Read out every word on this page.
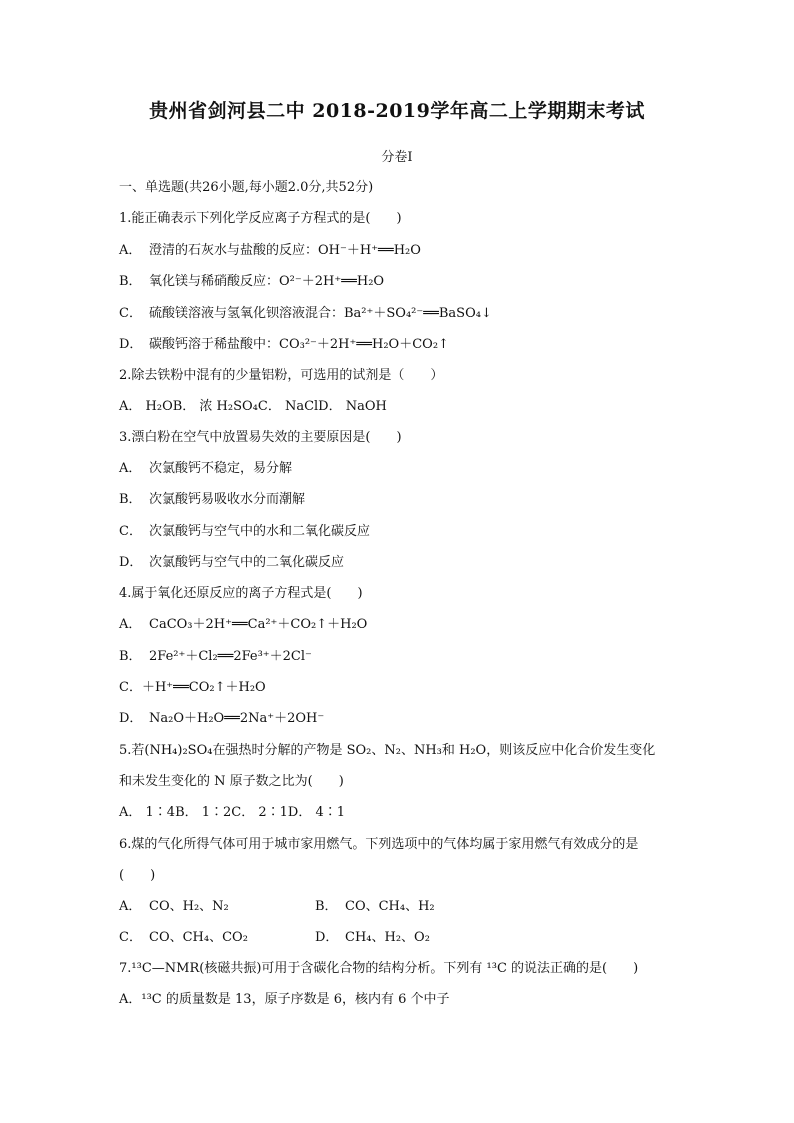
贵州省剑河县二中 2018-2019学年高二上学期期末考试
分卷I
一、单选题(共26小题,每小题2.0分,共52分)
1.能正确表示下列化学反应离子方程式的是(　　)
A． 澄清的石灰水与盐酸的反应：OH⁻＋H⁺══H₂O
B． 氧化镁与稀硝酸反应：O²⁻＋2H⁺══H₂O
C． 硫酸镁溶液与氢氧化钡溶液混合：Ba²⁺＋SO₄²⁻══BaSO₄↓
D． 碳酸钙溶于稀盐酸中：CO₃²⁻＋2H⁺══H₂O＋CO₂↑
2.除去铁粉中混有的少量铝粉，可选用的试剂是（　　）
A． H₂OB． 浓 H₂SO₄C． NaClD． NaOH
3.漂白粉在空气中放置易失效的主要原因是(　　)
A． 次氯酸钙不稳定，易分解
B． 次氯酸钙易吸收水分而潮解
C． 次氯酸钙与空气中的水和二氧化碳反应
D． 次氯酸钙与空气中的二氧化碳反应
4.属于氧化还原反应的离子方程式是(　　)
A． CaCO₃＋2H⁺══Ca²⁺＋CO₂↑＋H₂O
B． 2Fe²⁺＋Cl₂══2Fe³⁺＋2Cl⁻
C．＋H⁺══CO₂↑＋H₂O
D． Na₂O＋H₂O══2Na⁺＋2OH⁻
5.若(NH₄)₂SO₄在强热时分解的产物是 SO₂、N₂、NH₃和 H₂O，则该反应中化合价发生变化
和未发生变化的 N 原子数之比为(　　)
A． 1∶4B． 1∶2C． 2∶1D． 4∶1
6.煤的气化所得气体可用于城市家用燃气。下列选项中的气体均属于家用燃气有效成分的是
(　　)
A． CO、H₂、N₂	B． CO、CH₄、H₂
C． CO、CH₄、CO₂	D． CH₄、H₂、O₂
7.¹³C—NMR(核磁共振)可用于含碳化合物的结构分析。下列有 ¹³C 的说法正确的是(　　)
A．¹³C 的质量数是 13，原子序数是 6，核内有 6 个中子
